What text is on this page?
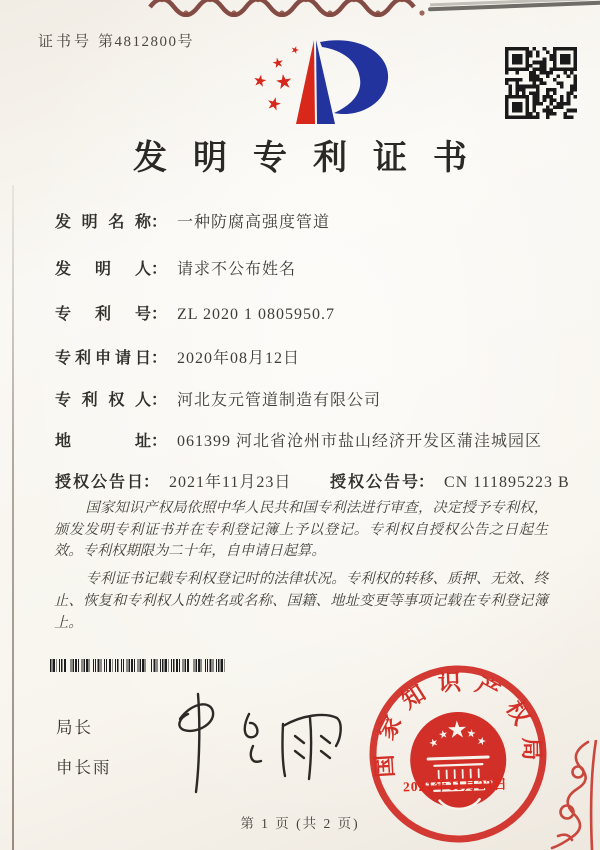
证书号 第4812800号
发明专利证书
发明名称： 一种防腐高强度管道
发明人： 请求不公布姓名
专利号： ZL 2020 1 0805950.7
专利申请日： 2020年08月12日
专利权人： 河北友元管道制造有限公司
地址： 061399 河北省沧州市盐山经济开发区蒲洼城园区
授权公告日： 2021年11月23日 授权公告号： CN 111895223 B

国家知识产权局依照中华人民共和国专利法进行审查，决定授予专利权，颁发发明专利证书并在专利登记簿上予以登记。专利权自授权公告之日起生效。专利权期限为二十年，自申请日起算。

专利证书记载专利权登记时的法律状况。专利权的转移、质押、无效、终止、恢复和专利权人的姓名或名称、国籍、地址变更等事项记载在专利登记簿上。

局长
申长雨	国家知识产权局
2021年11月23日
第 1 页 (共 2 页)
